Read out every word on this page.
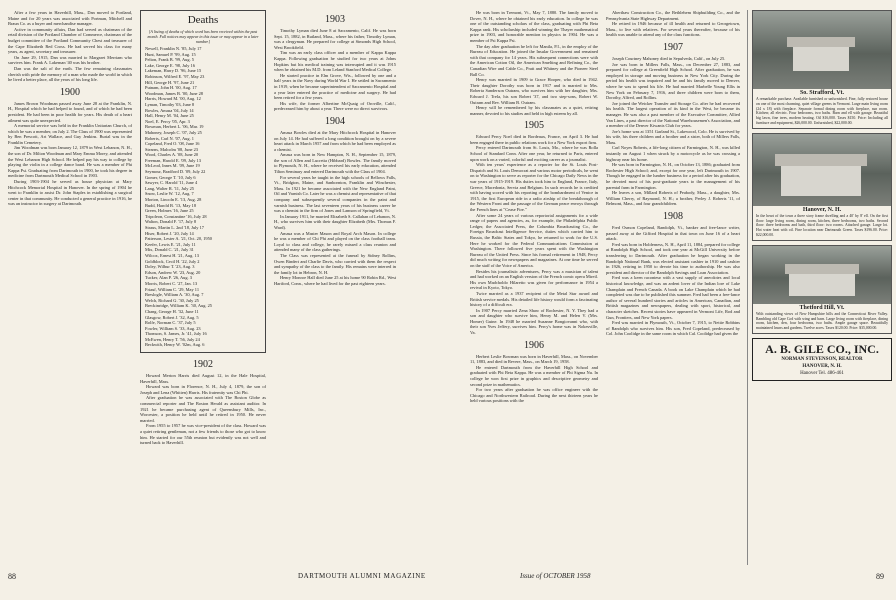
After a few years in Haverhill, Mass., Dan moved to Portland, Maine and for 20 years was associated with Portman, Mitchell and Braun Co. as a buyer and merchandise manager.

Active in community affairs, Dan had served as chairman of the retail division of the Portland Chamber of Commerce, chairman of the budget committee of the Portland Community Chest and treasurer of the Cape Elizabeth Red Cross. He had served his class for many years, as agent, secretary and treasurer.

On June 29, 1915, Dan was married to Margaret Merriam who survives him. Frank A. Lakeman '40 was his brother.

Dan was the salt of the earth. The few remaining classmates cherish with pride the memory of a man who made the world in which he lived a better place, all the years of his long life.

1900

James Brown Woodman passed away June 28 at the Franklin, N. H., Hospital which he had helped to found, and of which he had been president. He had been in poor health for years. His death of a heart ailment was quite unexpected.

A memorial service was held in the Franklin Unitarian Church, of which he was a member, on July 2. The Class of 1900 was represented by Ben Prescott, Art Wallace, and Guy Jenkins. Burial was in the Franklin Cemetery.

Jim Woodman was born January 12, 1879 in West Lebanon, N. H., the son of Dr. Milton Woodman and Mary Emma Morey, and attended the West Lebanon High School. He helped pay his way to college by playing the violin in a college dance band. He was a member of Phi Kappa Psi. Graduating from Dartmouth in 1900, he took his degree in medicine from Dartmouth Medical School in 1903.

During 1903-1904 he served as house physician at Mary Hitchcock Memorial Hospital in Hanover. In the spring of 1904 he went to Franklin to assist Dr. John Staples in establishing a surgical center in that community. He conducted a general practice in 1916, he was an instructor in surgery at Dartmouth.

Deaths
[A listing of deaths of which word has been received within the past month. Full notices may appear in this issue or may appear in a later number.]
Newell, Franklin N. '85, July 17
Hunt, Samuel P. '99, Aug. 15
Pelton, Frank B. '99, Aug. 5
Lake, George E. '98, July 16
Lakeman, Harry D. '96, June 15
Robinson, Wilfred E. '97, May 23
Hill, George H. '97, June 21
Putnam, John H. '00, Aug. 17
Woodman, James B. '00, June 28
Harris, Howard M. '00, Aug. 12
Lyman, Timothy '03, June 8
Bowles, Amasa '04, July 14
Hall, Henry M. '04, June 25
Noel, E. Percy '05, Apr. 3
Bowman, Herbert L. '06, Mar. 19
Mahoney, Joseph C. '07, July 25
Roberts, Carl N. '07, Aug. 1
Copeland, Fred O. '08, June 16
Stearns, Malcolm '08, June 23
Wood, Charles A. '08, June 20
Freeman, Harold E. '09, July 13
McLeod, Innes M. '09, June 19
Seymour, Bradford D. '09, July 22
Gomer, George T. '10, July 6
Sawyer, C. Harold '11, June 4
Lang, Walter R. '11, July 25
Snow, Leslie W. '12, Aug. 7
Morton, Lincoln E. '13, Aug. 28
Budd, Harold B. '13, May 18
Green, Holmes '16, June 25
Tripoleon, Constantine '16, July 28
Walton, Donald F. '17, July 8
Straus, Martin L. 2nd '18, July 17
Hiser, Robert J. '20, July 14
Patterson, Lester A. '21, Oct. 20, 1950
Keefer, Lewis E. '21, July 11
Mix, Donald C. '21, July 31
Wilcox, Ernest H. '21, Aug. 13
Goldblock, Cecil H. '22, July 2
Doley, Wilbur T. '23, Aug. 3
Edson, Andrew W. '23, Aug. 20
Tucker, Alan P. '26, Aug. 3
Morris, Robert C. '27, Jan. 13
Friauf, William C. '29, May 11
Breslogle, William A. '30, Aug. 7
Welch, Richard G. '30, July 25
Breckinridge, William K. '30, Aug. 25
Chang, George H. '32, June 11
Glasgow, Robert J. '32, Aug. 5
Rolfe, Norman C. '37, July 5
Fowler, William S. '33, Aug. 23
Thomson, S. James, Jr. '41, July 16
McEwen, Henry T. '56, July 24
Beckwith, Henry W. '02m, Aug. 6
1902

Howard Merton Harris died August 12, in the Hale Hospital, Haverhill, Mass.

Howard was born in Florence, N. H., July 4, 1879, the son of Joseph and Lena (Whitten) Harris. His fraternity was Chi Phi.

After graduation he was associated with The Boston Globe as commercial reporter and The Boston Herald as assistant auditor. In 1921 he became purchasing agent of Queensbury Mills, Inc., Worcester, a position he held until he retired in 1950. He never married.

From 1955 to 1957 he was vice-president of the class. Howard was a quiet retiring gentleman, not a few friends to those who got to know him. He started for our 55th reunion but evidently was not well and turned back to Haverhill.

1903

Timothy Lyman died June 8 at Sacramento, Calif. He was born Sept. 15, 1882, in Rutland, Mass., where his father, Timothy Lyman, was a clergyman. He prepared for college at Simonds High School, West Brookfield.

Tim was an early class officer and a member of Kappa Kappa Kappa. Following graduation he studied for two years at Johns Hopkins but his medical training was interrupted and it was 1915 when he obtained his M.D. from Leland Stanford Medical College.

He started practice in Elm Grove, Wis., followed by one and a half years in the Navy during World War I. He settled in Sacramento in 1919, when he became superintendent of Sacramento Hospital and a year later entered the practice of medicine and surgery. He had been retired for a few years.

His wife, the former Albertine McQuaig of Oroville, Calif., predeceased him by about a year. There were no direct survivors.

1904

Amasa Bowles died at the Mary Hitchcock Hospital in Hanover on July 14. He had suffered a long condition brought on by a severe heart attack in March 1957 and from which he had been employed as a chemist.

Amasa was born in New Hampton, N. H., September 15, 1879, the son of Allen and Lucretia (Hibbard) Bowles. The family moved to Plymouth, N. H., where he received his early education, attended Tilton Seminary and entered Dartmouth with the Class of 1904.

For several years he taught in the high schools of Bellows Falls, Vt., Bridgton, Maine, and Sanbornton, Franklin and Winchester, Mass. In 1921 he became associated with the New England Paint, Oil and Varnish Co. Later he was a chemist and representative of that company and subsequently several companies in the paint and varnish business. The last seventeen years of his business career he was a chemist in the firm of Jones and Lamson of Springfield, Vt.

In January 1911, he married Elizabeth S. Callahan of Lebanon, N. H., who survives him with their daughter Elizabeth (Mrs. Thomas F. Ward).

Amasa was a Master Mason and Royal Arch Mason. In college he was a member of Chi Phi and played on the class football team. Loyal to class and college, he rarely missed a class reunion and attended many of the class gatherings.

The Class was represented at the funeral by Sidney Rollins, Owen Bindert and Charlie Davis, who carried with them the respect and sympathy of the class to the family. His remains were interred in the family lot in Hebron, N. H.

Henry Monroe Hall died June 25 at his home 90 Robin Rd., West Hartford, Conn., where he had lived for the past eighteen years.

88	DARTMOUTH ALUMNI MAGAZINE

He was born in Tremont, Vt., May 7, 1880. The family moved to Dover, N. H., where he obtained his early education. In college he was one of the outstanding scholars of the class, graduating with Phi Beta Kappa rank. His scholarship included winning the Thayer mathematical prize in 1903, and honorable mention in physics in 1904. He was a member of Psi Kappa Psi.

The day after graduation he left for Manila, P.I., in the employ of the Bureau of Education. He joined the Insular Government and remained with that company for 14 years. His subsequent connections were with the American Cotton Oil, the American Smelting and Refining Co., the Canadian Wire and Cable Co., Pratt and Whitney and the Pioneer Steel Ball Co.

Henry was married in 1909 to Grace Hooper, who died in 1942. Their daughter Dorothy was born in 1917 and is married to Mrs. Roberta Sanderson Outram, who survives him with her daughter, Mrs. Edward J. Trela, his son Robert '37, and two step-sons, Robert W. Outram and Rev. William B. Outram.

Henry will be remembered by his classmates as a quiet, retiring manner, devoted to his studies and held in high esteem by all.

1905

Edward Percy Noel died in Bordeaux, France, on April 3. He had been engaged there in public relations work for a New York export firm.

Percy entered Dartmouth from St. Louis, Mo., where he was Rolla School of Standard Conn. After one year, he returned to Paris, entered upon work on a varied, colorful and exciting career as a journalist.

With ten years' experience as a reporter for the St. Louis Post-Dispatch and St. Louis Democrat and various motor periodicals, he went on to Washington to serve as reporter for the Chicago Daily News in the war years of 1915-1919. His duties took him to England, France, Italy, Greece, Macedonia, Servia and Belgium. In such records he is credited with having scored with his reporting of the bombardment of Venice in 1915, the first European ride in a radio airship of the breakthrough of the Western Front and the passage of the German peace envoys through the French lines at "Cease Fire."

After some 24 years of various reportorial assignments for a wide range of papers and agencies, as, for example, the Philadelphia Public Ledger, the Associated Press, the Columbia Broadcasting Co., the Foreign Broadcast Intelligence Service, duties which carried him to Russia, the Baltic States and Tokyo, he returned to work for the U.S. Here he worked for the Federal Communications Commission at Washington. There followed five years spent with the Washington Bureau of the United Press. Since his formal retirement in 1948, Percy did much writing for newspapers and magazines. At one time he served on the staff of the Voice of America.

Besides his journalistic adventures, Percy was a musician of talent and had worked on an English version of the French comic opera Mireil. His own Madcholdo Hilaretto was given for performance in 1954 a revival in Kyoto, Tokyo.

Twice married as a 1937 recipient of the Metal Star award and British service medals. His detailed life history would form a fascinating history of a difficult era.

In 1907 Percy married Zena Shaw of Rochester, N. Y. They had a son and daughter who survive him, Henry M. and Helen V. (Mrs. Homer) Guine. In 1948 he married Suzanne Bongiovanni who, with their son Yves Jeffery, survives him. Percy's home was in Nokesville, Va.

1906

Herbert Leslie Bowman was born in Haverhill, Mass., on November 11, 1883, and died in Revere, Mass., on March 19, 1958.

He entered Dartmouth from the Haverhill High School and graduated with Phi Beta Kappa. He was a member of Phi Sigma Nu. In college he won first prize in graphics and descriptive geometry and second prize in mathematics.

For two years after graduation he was office engineer with the Chicago and Northwestern Railroad. During the next thirteen years he held various positions with the

Aberthaw Construction Co., the Bethlehem Shipbuilding Co., and the Pennsylvania State Highway Department.

He retired in 1946 because of ill health and returned to Georgetown, Mass., to live with relatives. For several years thereafter, because of his health was unable to attend any of the class functions.

1907

Joseph Courtney Mahoney died in Sepulveda, Calif., on July 25.

Joe was born in Millers Falls, Mass., on December 27, 1883, and prepared for college at Greenfield High School. After graduation, he was employed in storage and moving business in New York City. During the period his health was impaired and he and his family moved to Denver, where he was to spend his life. He had married Marbelle Young Ellis in New York on February 7, 1916, and three children were born to them, Dorothy, Alfred, and Rollins.

Joe joined the Weicker Transfer and Storage Co. after he had recovered his health. The largest operation of its kind in the West, he became its manager. He was also a past member of the Executive Committee, Allied Van Lines, a past director of the National Warehousemen's Association, and a member of the Denver Kiwanis Club for years.

Joe's home was at 1351 Garland St., Lakewood, Colo. He is survived by his wife, his three children and a brother and a sister, both of Millers Falls, Mass.

Carl Noyes Roberts, a life-long citizen of Farmington, N. H., was killed instantly on August 1 when struck by a motorcycle as he was crossing a highway near his home.

He was born in Farmington, N. H., on October 13, 1886; graduated from Rochester High School; and, except for one year, left Dartmouth in 1907. Though he engaged in the lumber business for a period after his graduation, he devoted most of his post-graduate years to the management of his parental farm in Farmington.

He leaves a son, Millard Roberts of Peabody, Mass., a daughter, Mrs. William Cherry, of Raymond, N. H.; a brother, Perley J. Roberts '11, of Belmont, Mass., and four grandchildren.

1908

Fred Osmon Copeland, Randolph, Vt., banker and free-lance writer, passed away at the Gifford Hospital in that town on June 16 of a heart attack.

Fred was born in Holderness, N. H., April 11, 1884, prepared for college at Randolph High School, and took one year at McGill University before transferring to Dartmouth. After graduation he began working in the Randolph National Bank, was elected assistant cashier in 1910 and cashier in 1926, retiring in 1950 to devote his time to authorship. He was also president and director of the Randolph Savings and Loan Association.

Fred was a keen raconteur with a vast supply of anecdotes and local historical knowledge, and was an ardent lover of the Indian lore of Lake Champlain and French Canada. A book on Lake Champlain which he had completed was due to be published this summer. Fred had been a free-lance author of several hundred stories and articles in American, Canadian, and British magazines and newspapers, dealing with sport, historical, and character sketches. Recent stories have appeared in Vermont Life, Rod and Gun, Frontiers, and New York papers.

Fred was married in Plymouth, Vt., October 7, 1915, to Nettie Robbins of Randolph who survives him. His son, Fred Copeland, predeceased by Col. John Coolidge in the same room in which Cal. Coolidge had given the

So. Strafford, Vt.
A remarkable purchase. Available furnished or unfurnished. Fine, fully restored house on one of the most charming, quiet village greens in Vermont. Large main living room (24 x 18) with fireplace. Separate formal dining room with fireplace, sun room. Kitchen; all electric. Four bedrooms, two baths. Barn and ell with garage. Beautiful big lawn, fine trees, modern heating. Oil $16,000. Taxes $150. Price: Including all furniture and equipment, $26,000.00. Unfurnished, $22,000.00.
Hanover, N. H.
In the heart of the town a three story frame dwelling and a 40' by 8' ell. On the first floor: large living room, dining room, kitchen, three bedrooms, two baths. Second floor: three bedrooms and bath, third floor: two rooms. Attached garage. Large lot. Hot water heat with oil. Fine location near Dartmouth Green. Taxes $196.00. Price: $22,000.00.
Thetford Hill, Vt.
With outstanding views of New Hampshire hills and the Connecticut River Valley. Rambling old Cape Cod with wing and barn. Large living room with fireplace, dining room, kitchen, den, four bedrooms, two baths. Ample garage space. Beautifully maintained lawns and gardens. Twelve acres. Taxes $120.00. Price: $35,000.00.
A. B. GILE CO., INC.
NORMAN STEVENSON, REALTOR
HANOVER, N. H.
Hanover Tel. 486-461
Issue of OCTOBER 1958	89
